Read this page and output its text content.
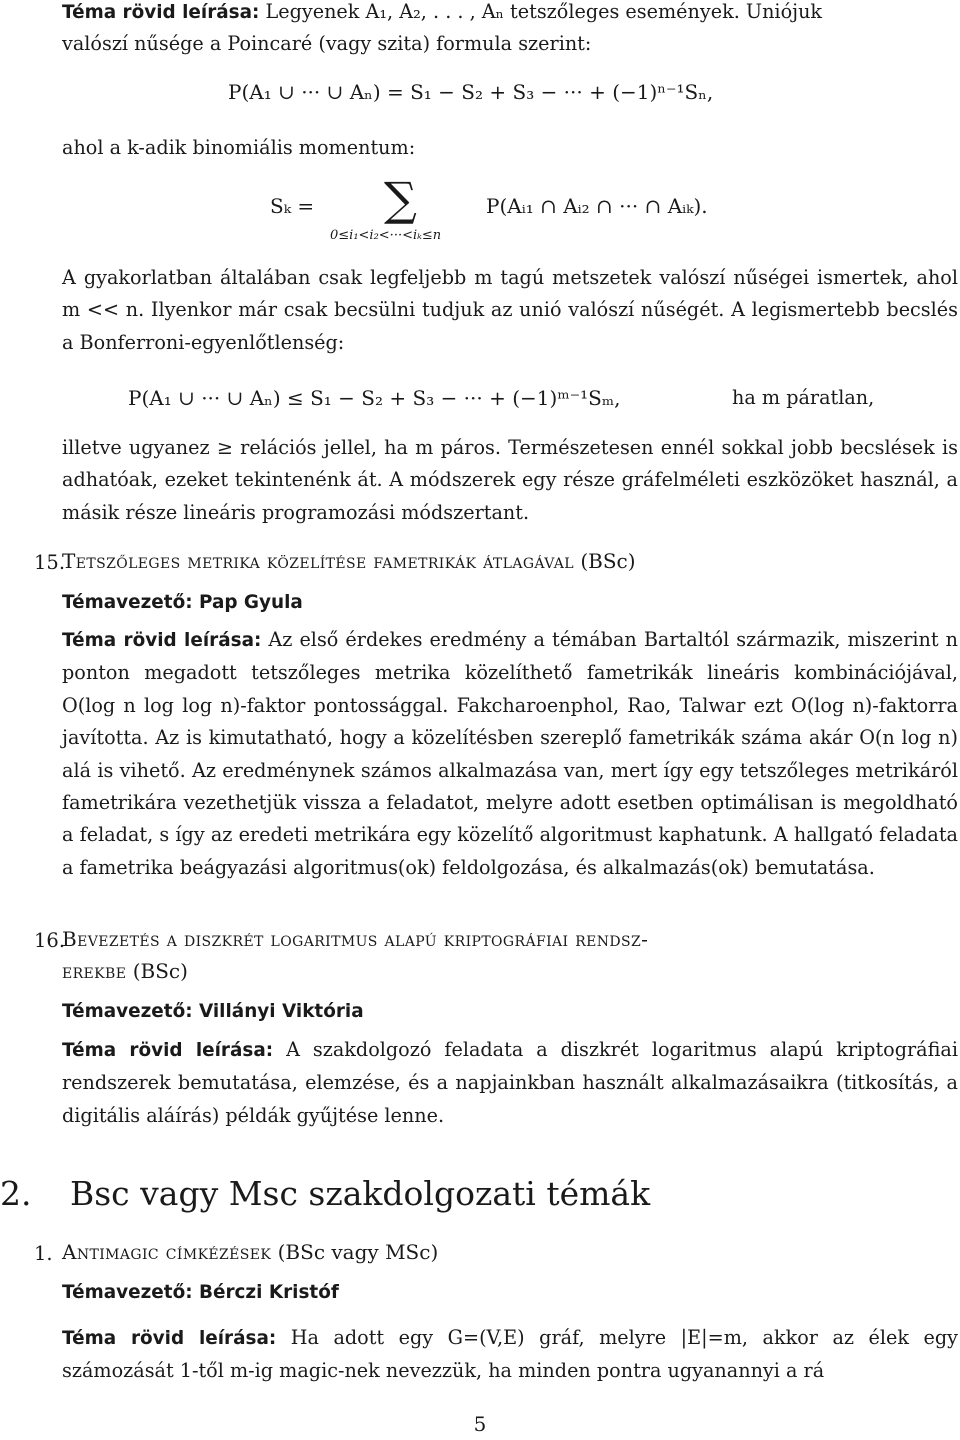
Téma rövid leírása: Legyenek A₁, A₂, . . . , Aₙ tetszőleges események. Uniójuk
valószí nűsége a Poincaré (vagy szita) formula szerint:
P(A₁ ∪ ··· ∪ Aₙ) = S₁ − S₂ + S₃ − ··· + (−1)ⁿ⁻¹Sₙ,
ahol a k-adik binomiális momentum:
Sₖ = ∑	P(Aᵢ₁ ∩ Aᵢ₂ ∩ ··· ∩ Aᵢₖ).
0≤i₁<i₂<···<iₖ≤n
A gyakorlatban általában csak legfeljebb m tagú metszetek valószí nűségei ismertek, ahol m << n. Ilyenkor már csak becsülni tudjuk az unió valószí nűségét. A legismertebb becslés a Bonferroni-egyenlőtlenség:
P(A₁ ∪ ··· ∪ Aₙ) ≤ S₁ − S₂ + S₃ − ··· + (−1)ᵐ⁻¹Sₘ,	ha m páratlan,
illetve ugyanez ≥ relációs jellel, ha m páros. Természetesen ennél sokkal jobb becslések is adhatóak, ezeket tekintenénk át. A módszerek egy része gráfelméleti eszközöket használ, a másik része lineáris programozási módszertant.
15.
Tetszőleges metrika közelítése fametrikák átlagával (BSc)
Témavezető: Pap Gyula
Téma rövid leírása: Az első érdekes eredmény a témában Bartaltól származik, miszerint n ponton megadott tetszőleges metrika közelíthető fametrikák lineáris kombinációjával, O(log n log log n)-faktor pontossággal. Fakcharoenphol, Rao, Talwar ezt O(log n)-faktorra javította. Az is kimutatható, hogy a közelítésben szereplő fametrikák száma akár O(n log n) alá is vihető. Az eredménynek számos alkalmazása van, mert így egy tetszőleges metrikáról fametrikára vezethetjük vissza a feladatot, melyre adott esetben optimálisan is megoldható a feladat, s így az eredeti metrikára egy közelítő algoritmust kaphatunk. A hallgató feladata a fametrika beágyazási algoritmus(ok) feldolgozása, és alkalmazás(ok) bemutatása.
16.
Bevezetés a diszkrét logaritmus alapú kriptográfiai rendsz-
erekbe (BSc)
Témavezető: Villányi Viktória
Téma rövid leírása: A szakdolgozó feladata a diszkrét logaritmus alapú kriptográfiai rendszerek bemutatása, elemzése, és a napjainkban használt alkalmazásaikra (titkosítás, a digitális aláírás) példák gyűjtése lenne.
2. Bsc vagy Msc szakdolgozati témák
1. Antimagic címkézések (BSc vagy MSc)
Témavezető: Bérczi Kristóf
Téma rövid leírása: Ha adott egy G=(V,E) gráf, melyre |E|=m, akkor az élek egy számozását 1-től m-ig magic-nek nevezzük, ha minden pontra ugyanannyi a rá
5
